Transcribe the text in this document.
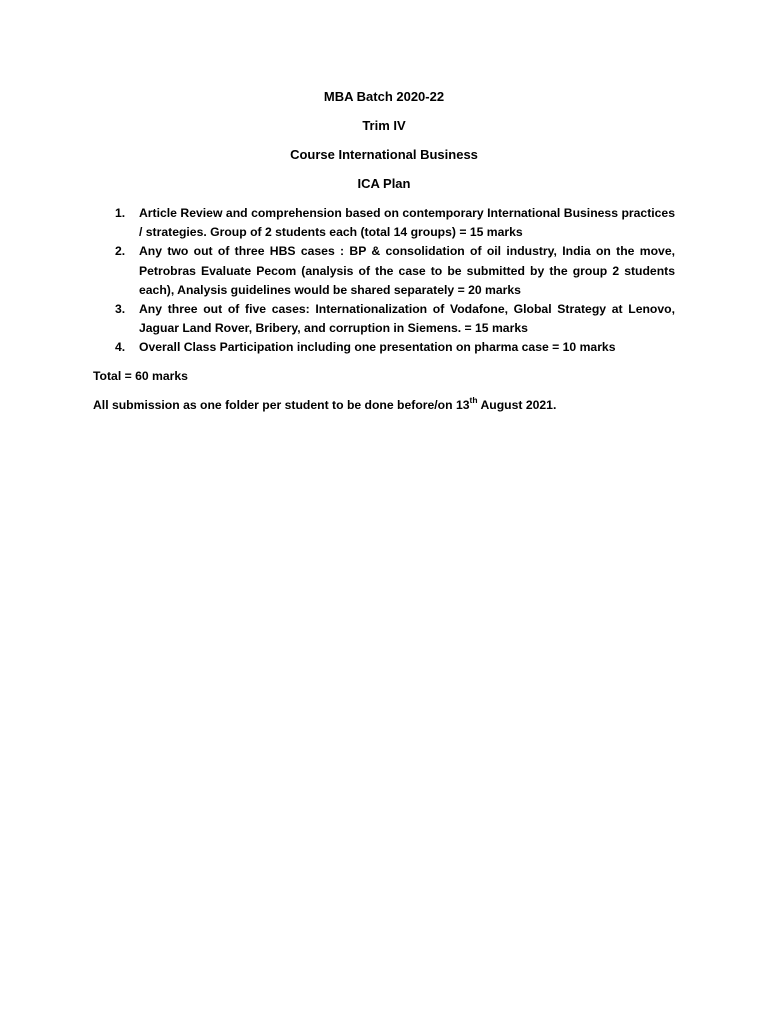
MBA Batch 2020-22
Trim IV
Course International Business
ICA Plan
1. Article Review and comprehension based on contemporary International Business practices / strategies. Group of 2 students each (total 14 groups) = 15 marks
2. Any two out of three HBS cases : BP & consolidation of oil industry, India on the move, Petrobras Evaluate Pecom (analysis of the case to be submitted by the group 2 students each), Analysis guidelines would be shared separately = 20 marks
3. Any three out of five cases: Internationalization of Vodafone, Global Strategy at Lenovo, Jaguar Land Rover, Bribery, and corruption in Siemens. = 15 marks
4. Overall Class Participation including one presentation on pharma case = 10 marks
Total = 60 marks
All submission as one folder per student to be done before/on 13th August 2021.
